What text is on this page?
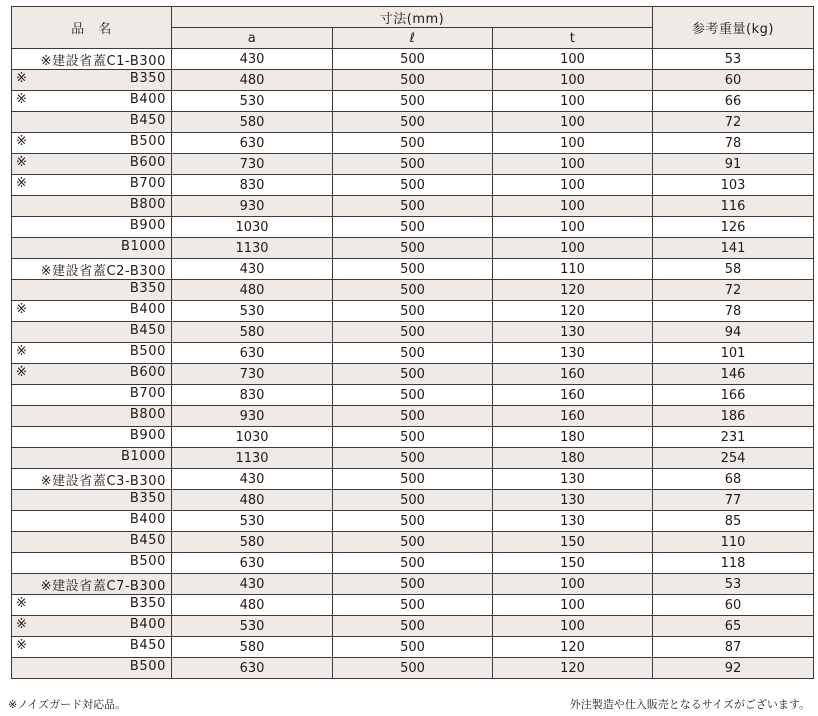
品　名	寸法(mm)			参考重量(kg)
	a	ℓ	t	

※建設省蓋C1-B300	430	500	100	53

※ B350	480	500	100	60

※ B400	530	500	100	66

B450	580	500	100	72

※ B500	630	500	100	78

※ B600	730	500	100	91

※ B700	830	500	100	103

B800	930	500	100	116

B900	1030	500	100	126

B1000	1130	500	100	141

※建設省蓋C2-B300	430	500	110	58

B350	480	500	120	72

※ B400	530	500	120	78

B450	580	500	130	94

※ B500	630	500	130	101

※ B600	730	500	160	146

B700	830	500	160	166

B800	930	500	160	186

B900	1030	500	180	231

B1000	1130	500	180	254

※建設省蓋C3-B300	430	500	130	68

B350	480	500	130	77

B400	530	500	130	85

B450	580	500	150	110

B500	630	500	150	118

※建設省蓋C7-B300	430	500	100	53

※ B350	480	500	100	60

※ B400	530	500	100	65

※ B450	580	500	120	87

B500	630	500	120	92
※ノイズガード対応品。	外注製造や仕入販売となるサイズがございます。
